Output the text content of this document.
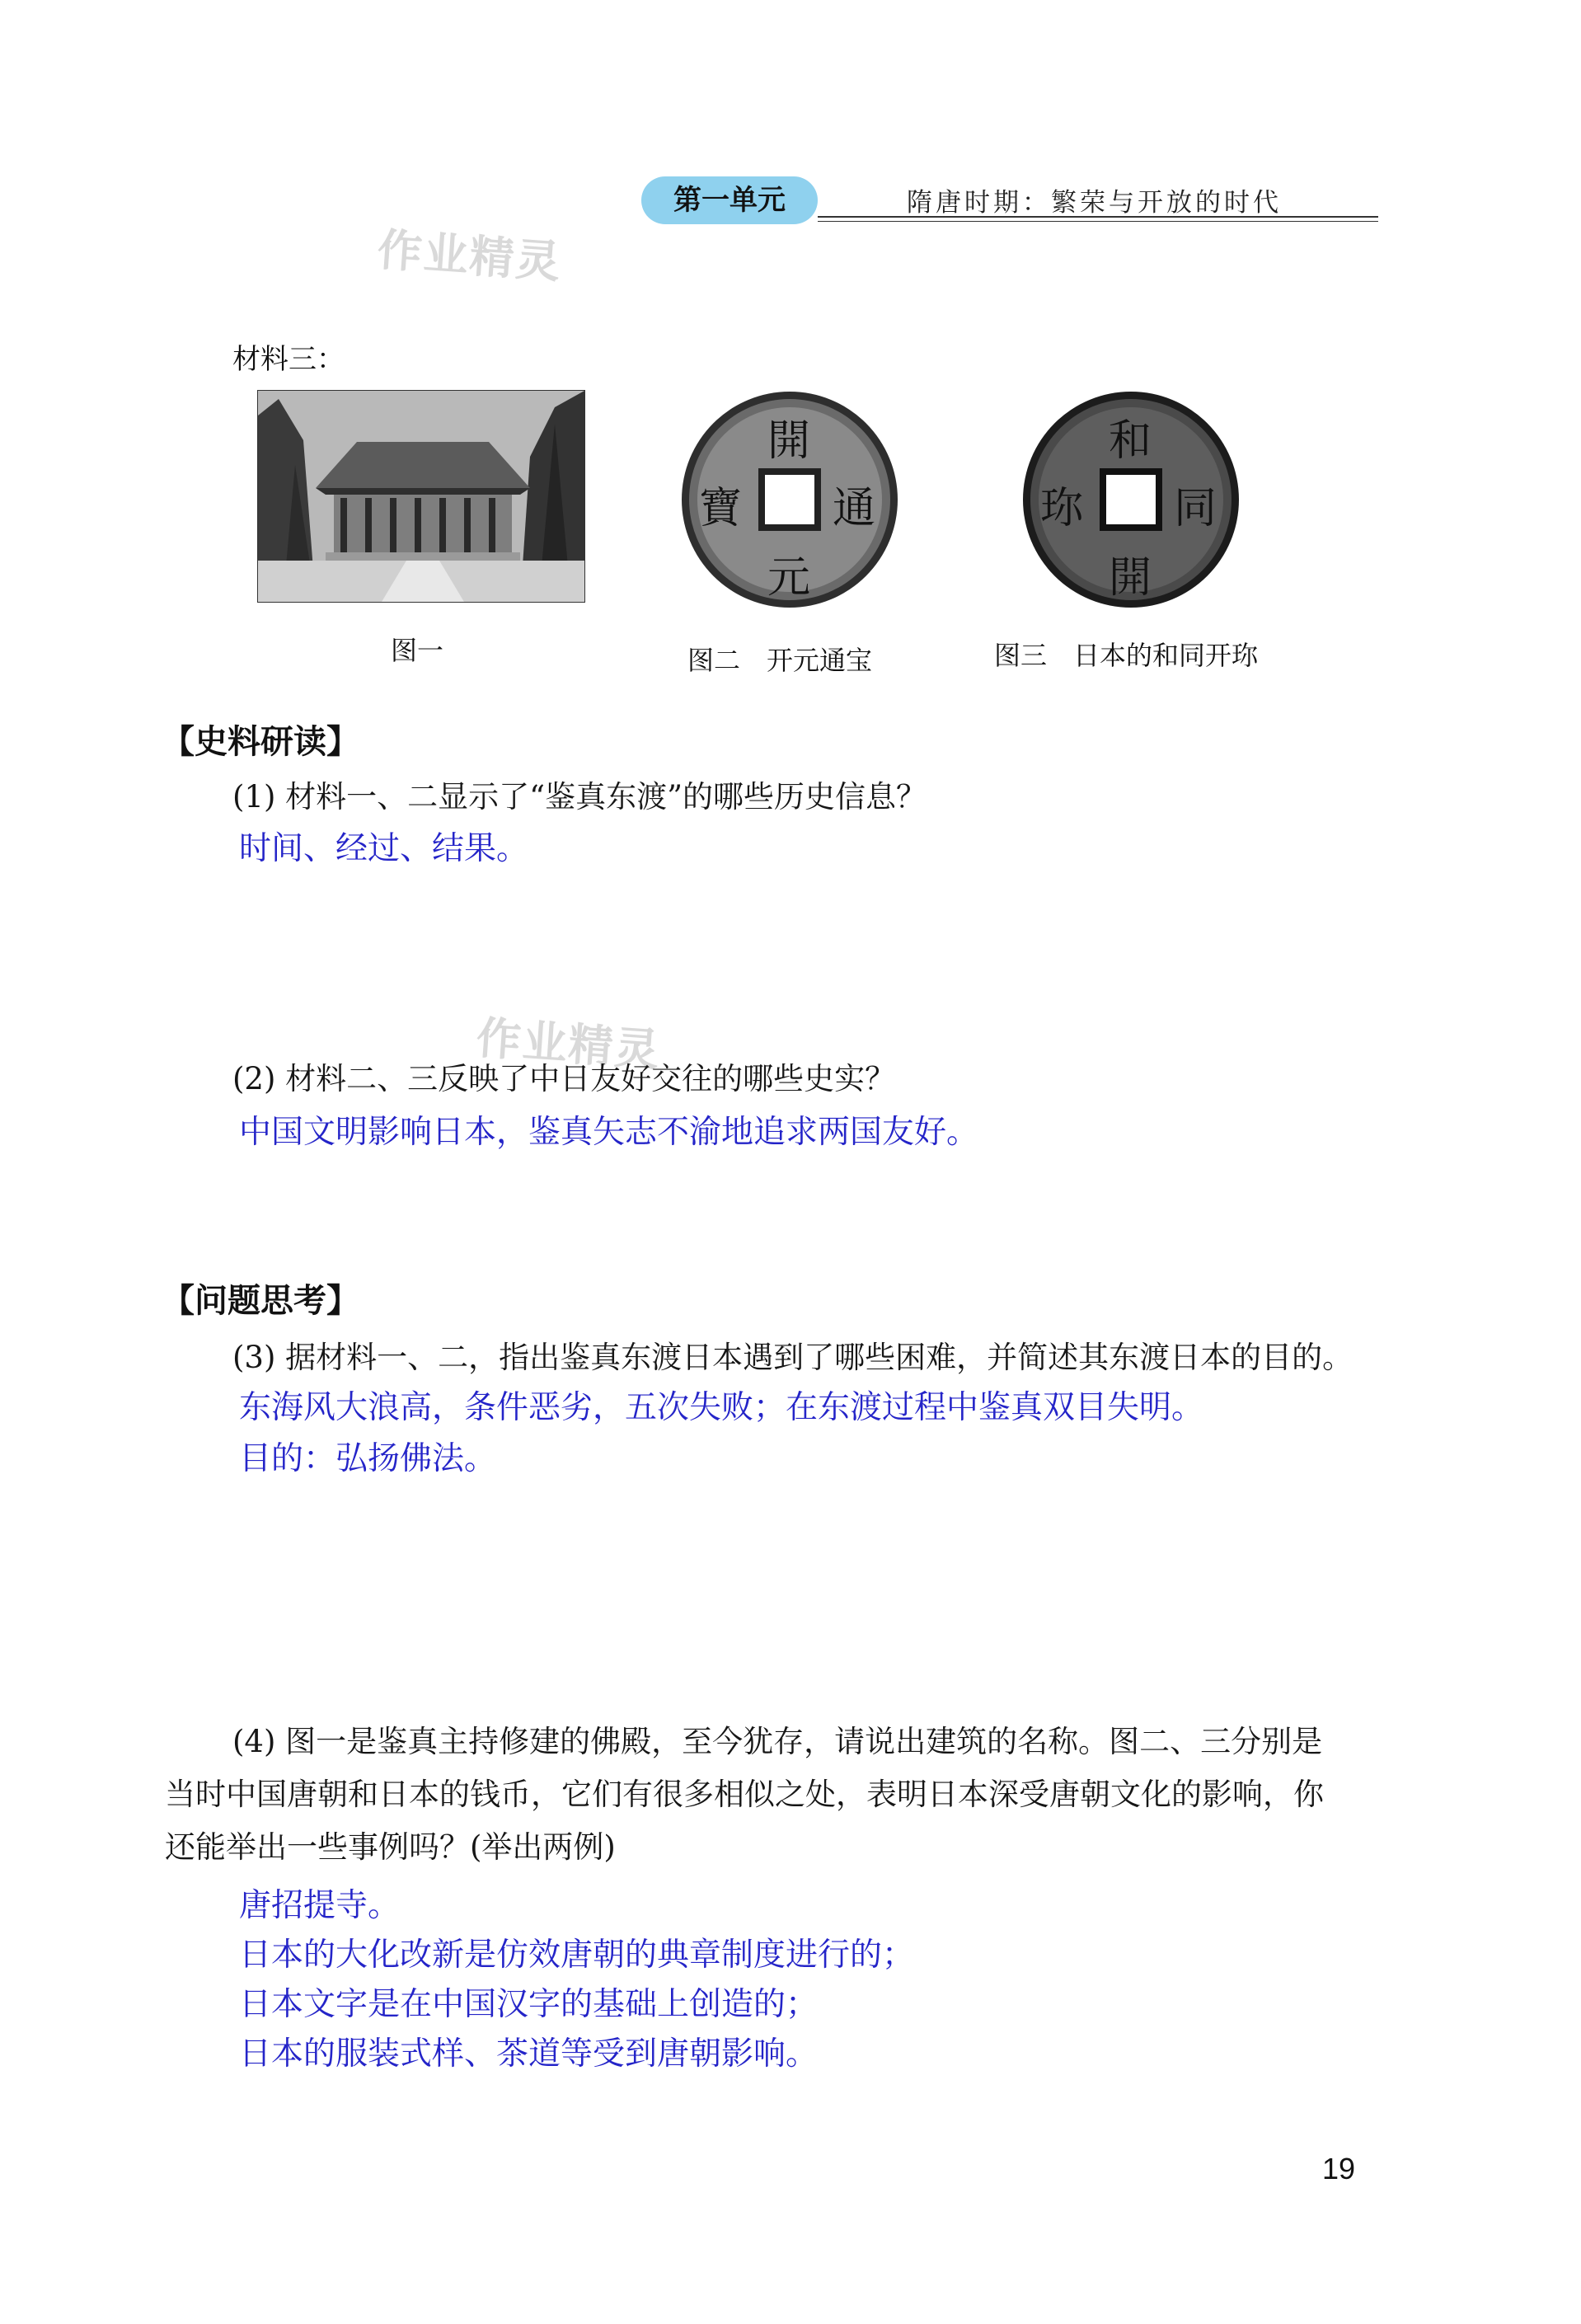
第一单元	隋唐时期：繁荣与开放的时代
作业精灵
作业精灵
材料三：
開
通
元
寶
和
同
開
珎
图一	图二　开元通宝	图三　日本的和同开珎
【史料研读】
(1) 材料一、二显示了“鉴真东渡”的哪些历史信息？
时间、经过、结果。
(2) 材料二、三反映了中日友好交往的哪些史实？
中国文明影响日本，鉴真矢志不渝地追求两国友好。
【问题思考】
(3) 据材料一、二，指出鉴真东渡日本遇到了哪些困难，并简述其东渡日本的目的。
东海风大浪高，条件恶劣，五次失败；在东渡过程中鉴真双目失明。
目的：弘扬佛法。
(4) 图一是鉴真主持修建的佛殿，至今犹存，请说出建筑的名称。图二、三分别是
当时中国唐朝和日本的钱币，它们有很多相似之处，表明日本深受唐朝文化的影响，你
还能举出一些事例吗？(举出两例)
唐招提寺。
日本的大化改新是仿效唐朝的典章制度进行的；
日本文字是在中国汉字的基础上创造的；
日本的服装式样、茶道等受到唐朝影响。
19
